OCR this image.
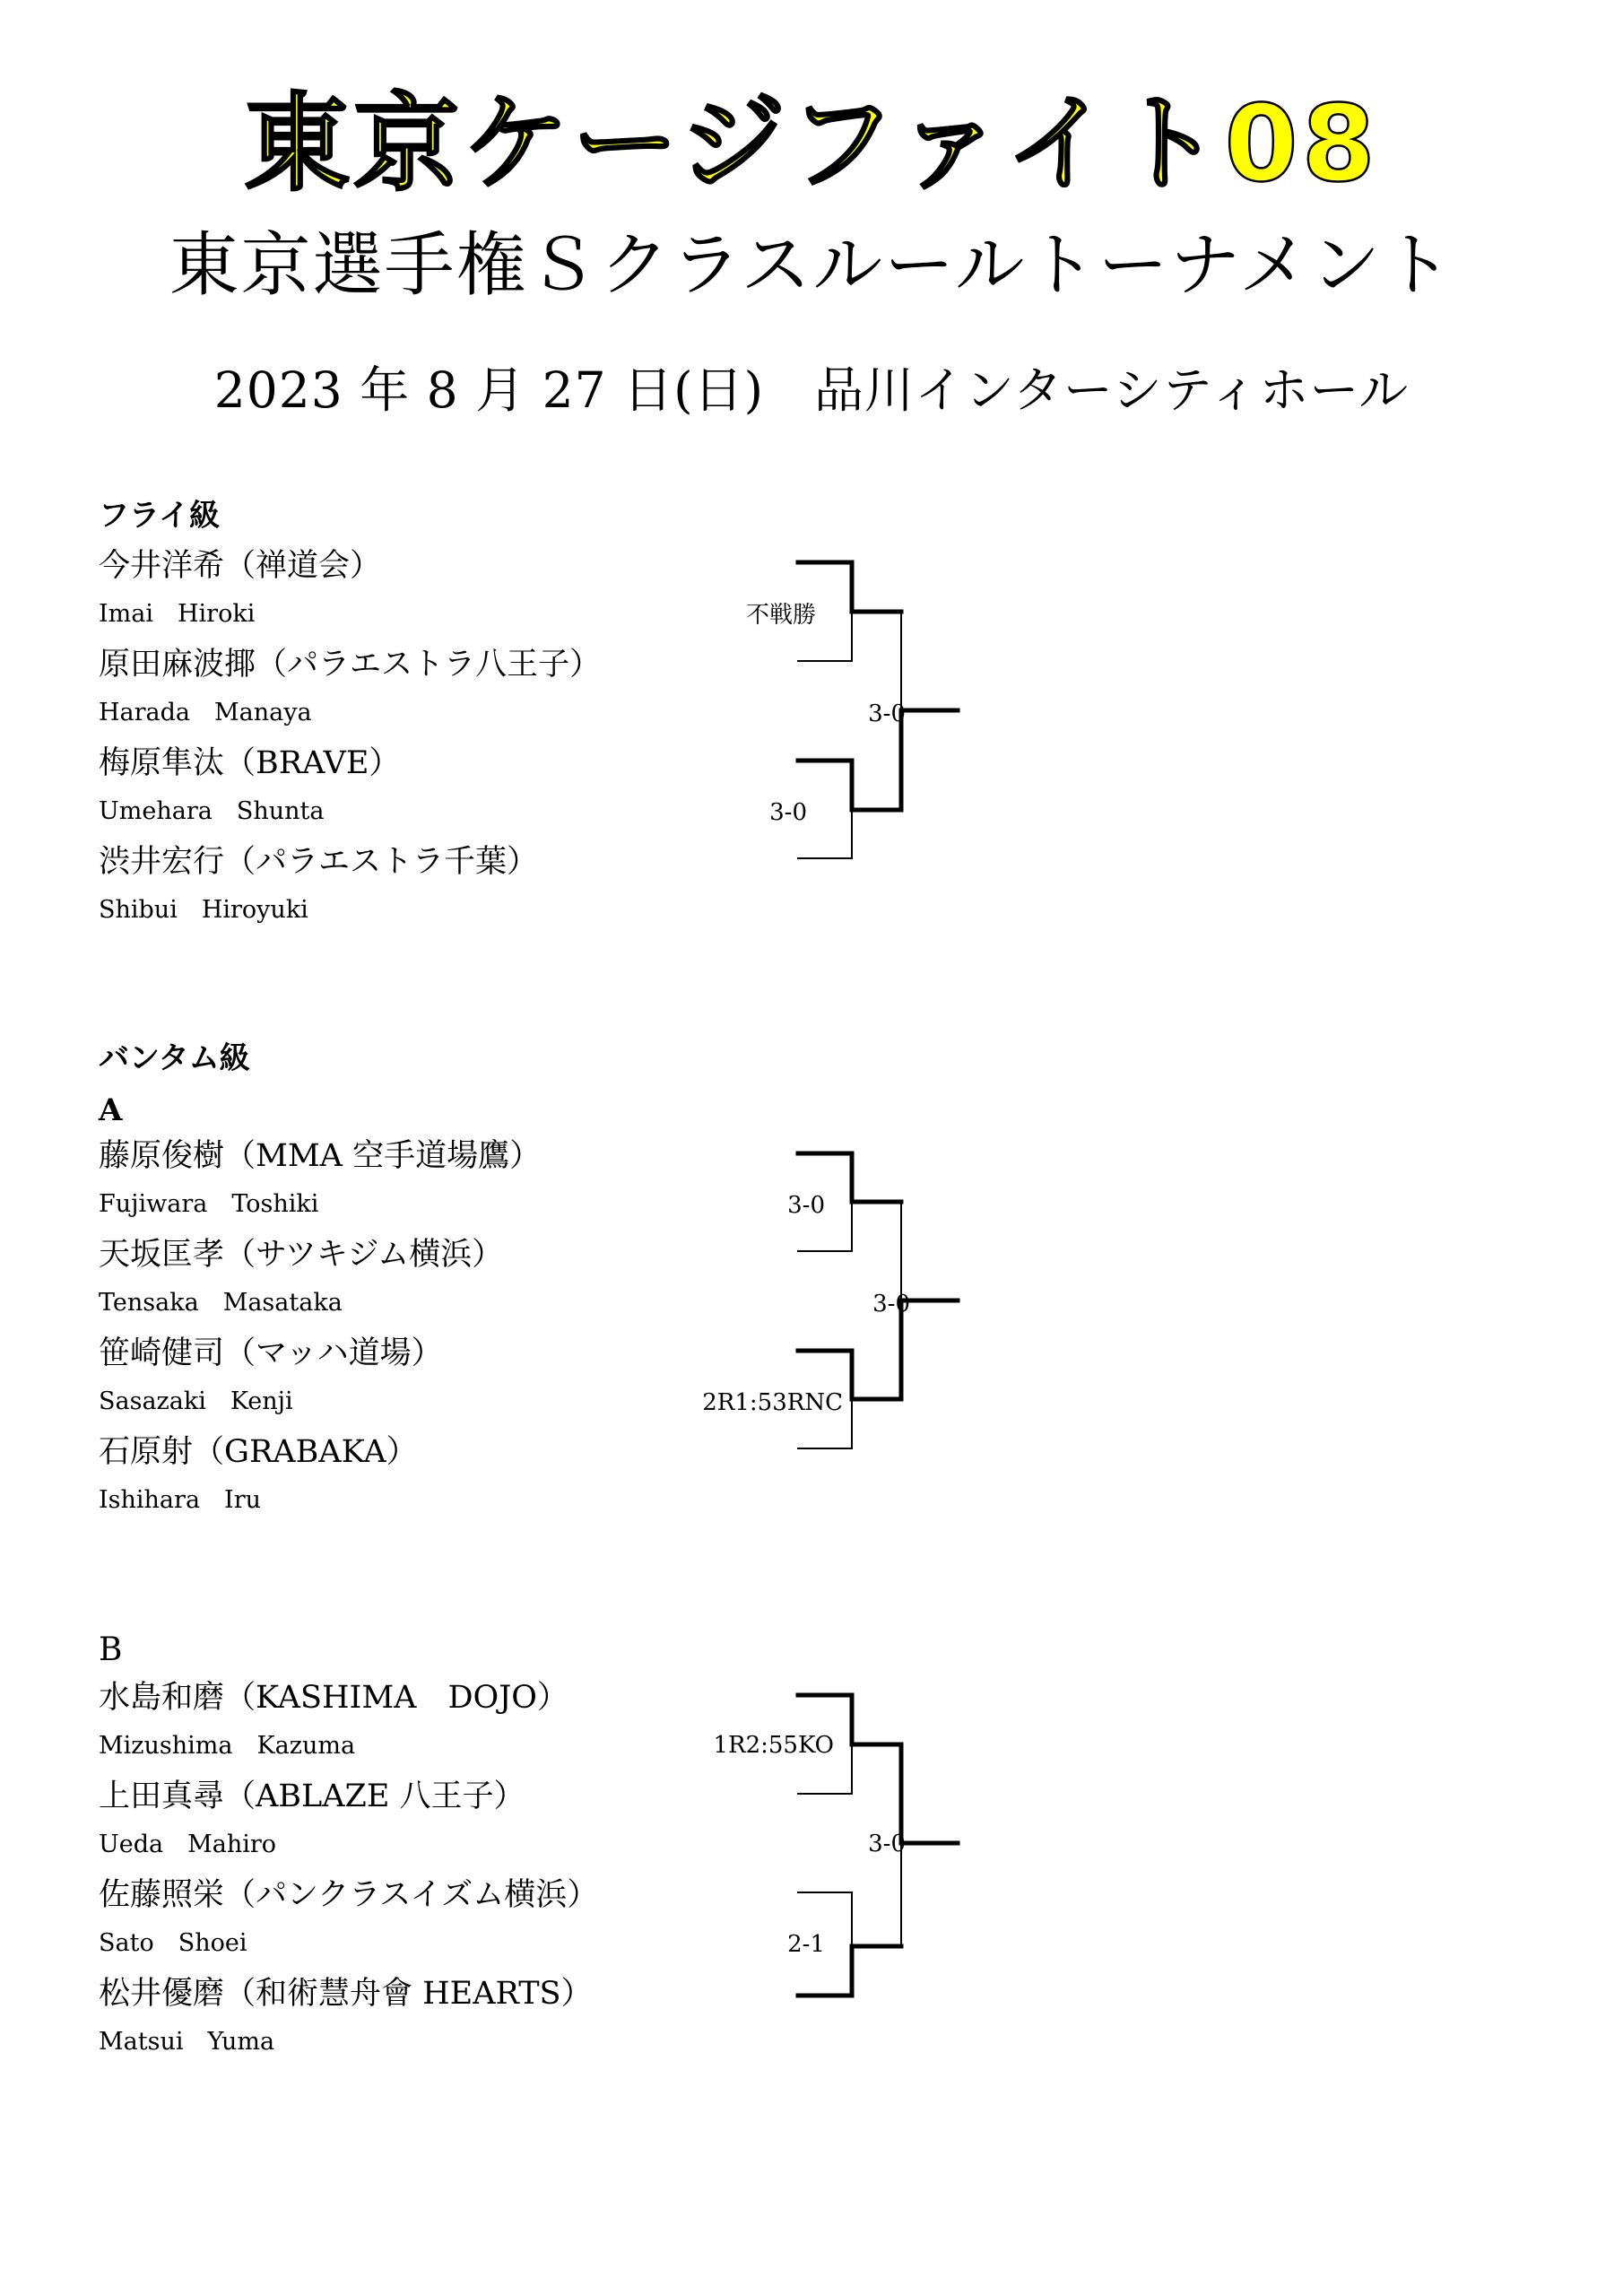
東京ケージファイト08
東京選手権Ｓクラスルールトーナメント
2023 年 8 月 27 日(日)　品川インターシティホール
フライ級
今井洋希（禅道会）
Imai　Hiroki
原田麻波揶（パラエストラ八王子）
Harada　Manaya
梅原隼汰（BRAVE）
Umehara　Shunta
渋井宏行（パラエストラ千葉）
Shibui　Hiroyuki
不戦勝
3-0
3-0
バンタム級
A
藤原俊樹（MMA 空手道場鷹）
Fujiwara　Toshiki
天坂匡孝（サツキジム横浜）
Tensaka　Masataka
笹崎健司（マッハ道場）
Sasazaki　Kenji
石原射（GRABAKA）
Ishihara　Iru
3-0
3-0
2R1:53RNC
B
水島和磨（KASHIMA　DOJO）
Mizushima　Kazuma
上田真尋（ABLAZE 八王子）
Ueda　Mahiro
佐藤照栄（パンクラスイズム横浜）
Sato　Shoei
松井優磨（和術慧舟會 HEARTS）
Matsui　Yuma
1R2:55KO
3-0
2-1
